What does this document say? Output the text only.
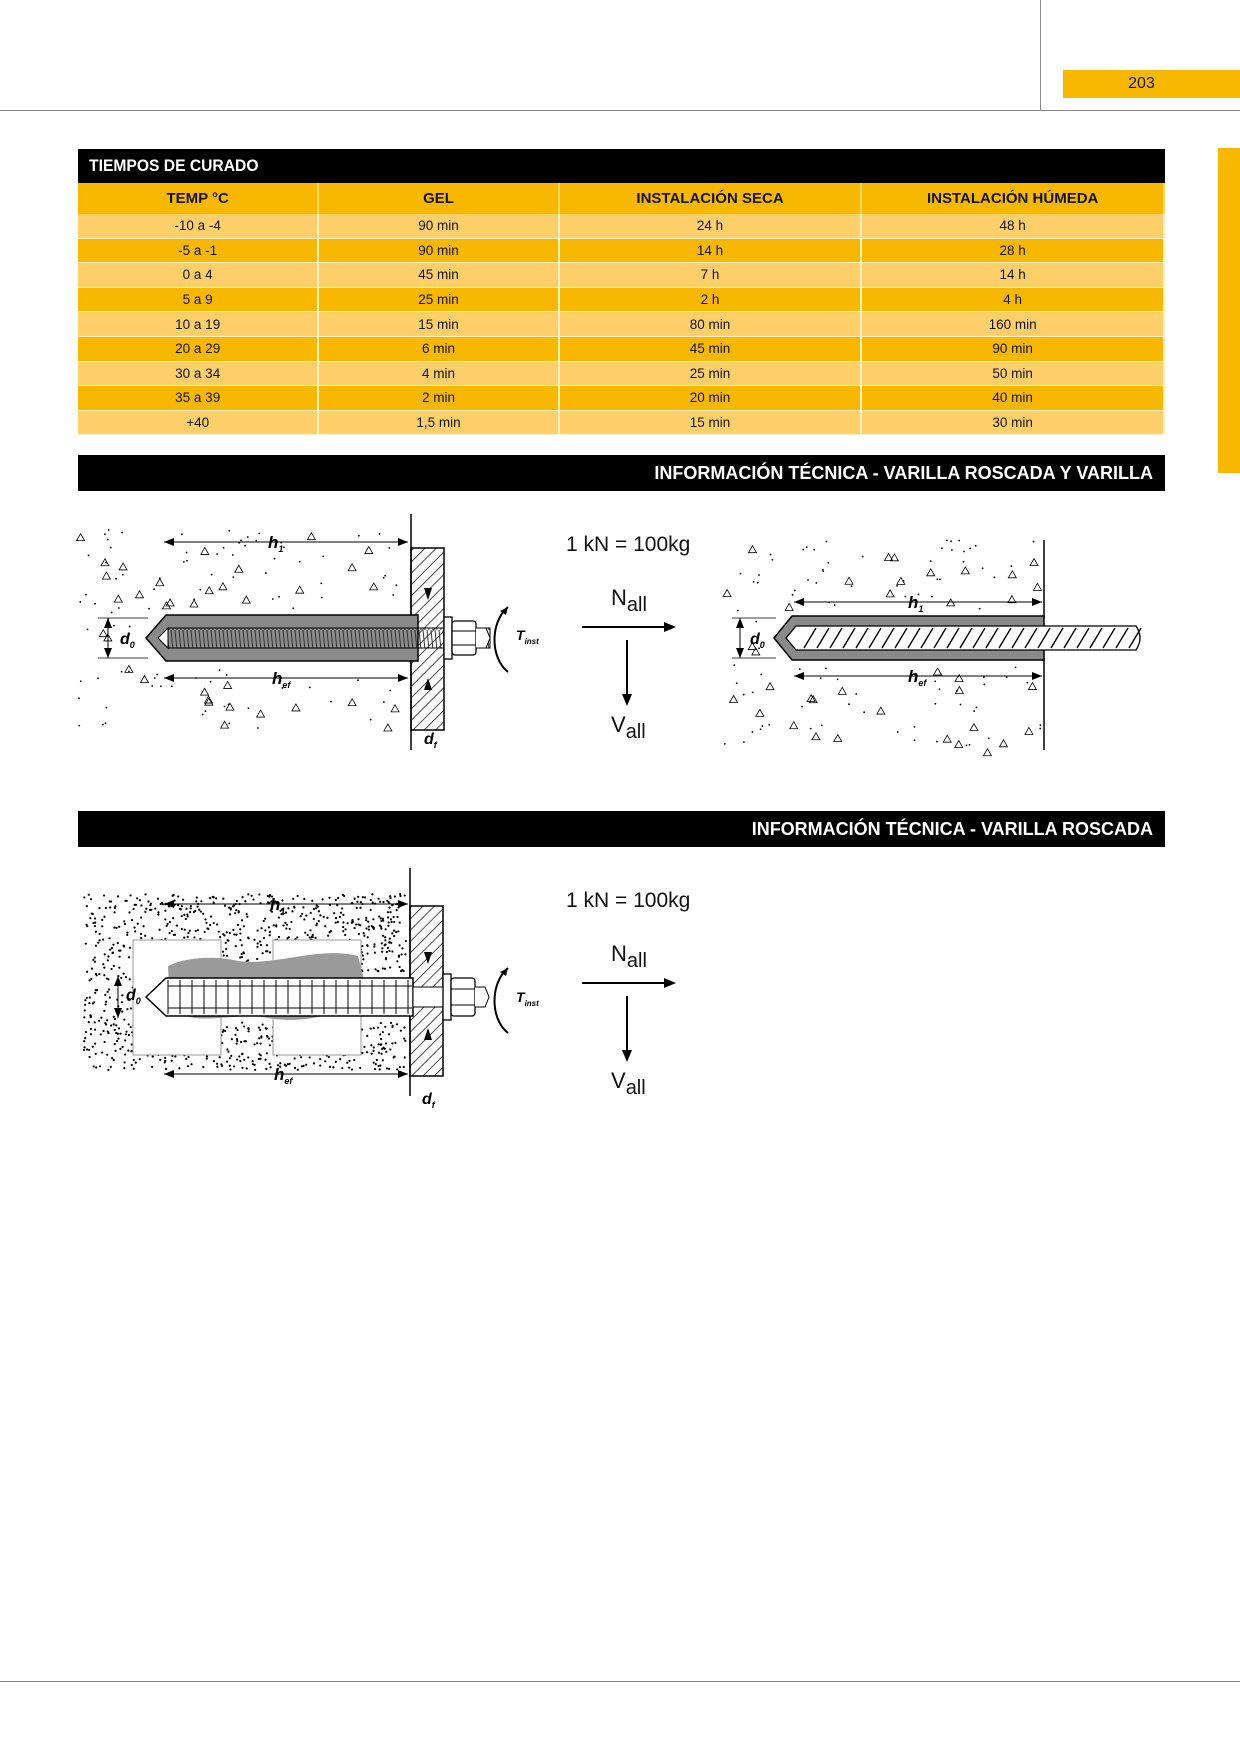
203
TIEMPOS DE CURADO
TEMP °C	GEL	INSTALACIÓN SECA	INSTALACIÓN HÚMEDA
-10 a -4	90 min	24 h	48 h
-5 a -1	90 min	14 h	28 h
0 a 4	45 min	7 h	14 h
5 a 9	25 min	2 h	4 h
10 a 19	15 min	80 min	160 min
20 a 29	6 min	45 min	90 min
30 a 34	4 min	25 min	50 min
35 a 39	2 min	20 min	40 min
+40	1,5 min	15 min	30 min
INFORMACIÓN TÉCNICA - VARILLA ROSCADA Y VARILLA
$h_1$
$h_{ef}$
$d_0$
$d_f$
$T_{inst}$
1 kN = 100kg
$N_{all}$
$V_{all}$
$h_1$
$h_{ef}$
$d_0$
INFORMACIÓN TÉCNICA - VARILLA ROSCADA
$h_1$
$h_{ef}$
$d_0$
$d_f$
$T_{inst}$
1 kN = 100kg
$N_{all}$
$V_{all}$
